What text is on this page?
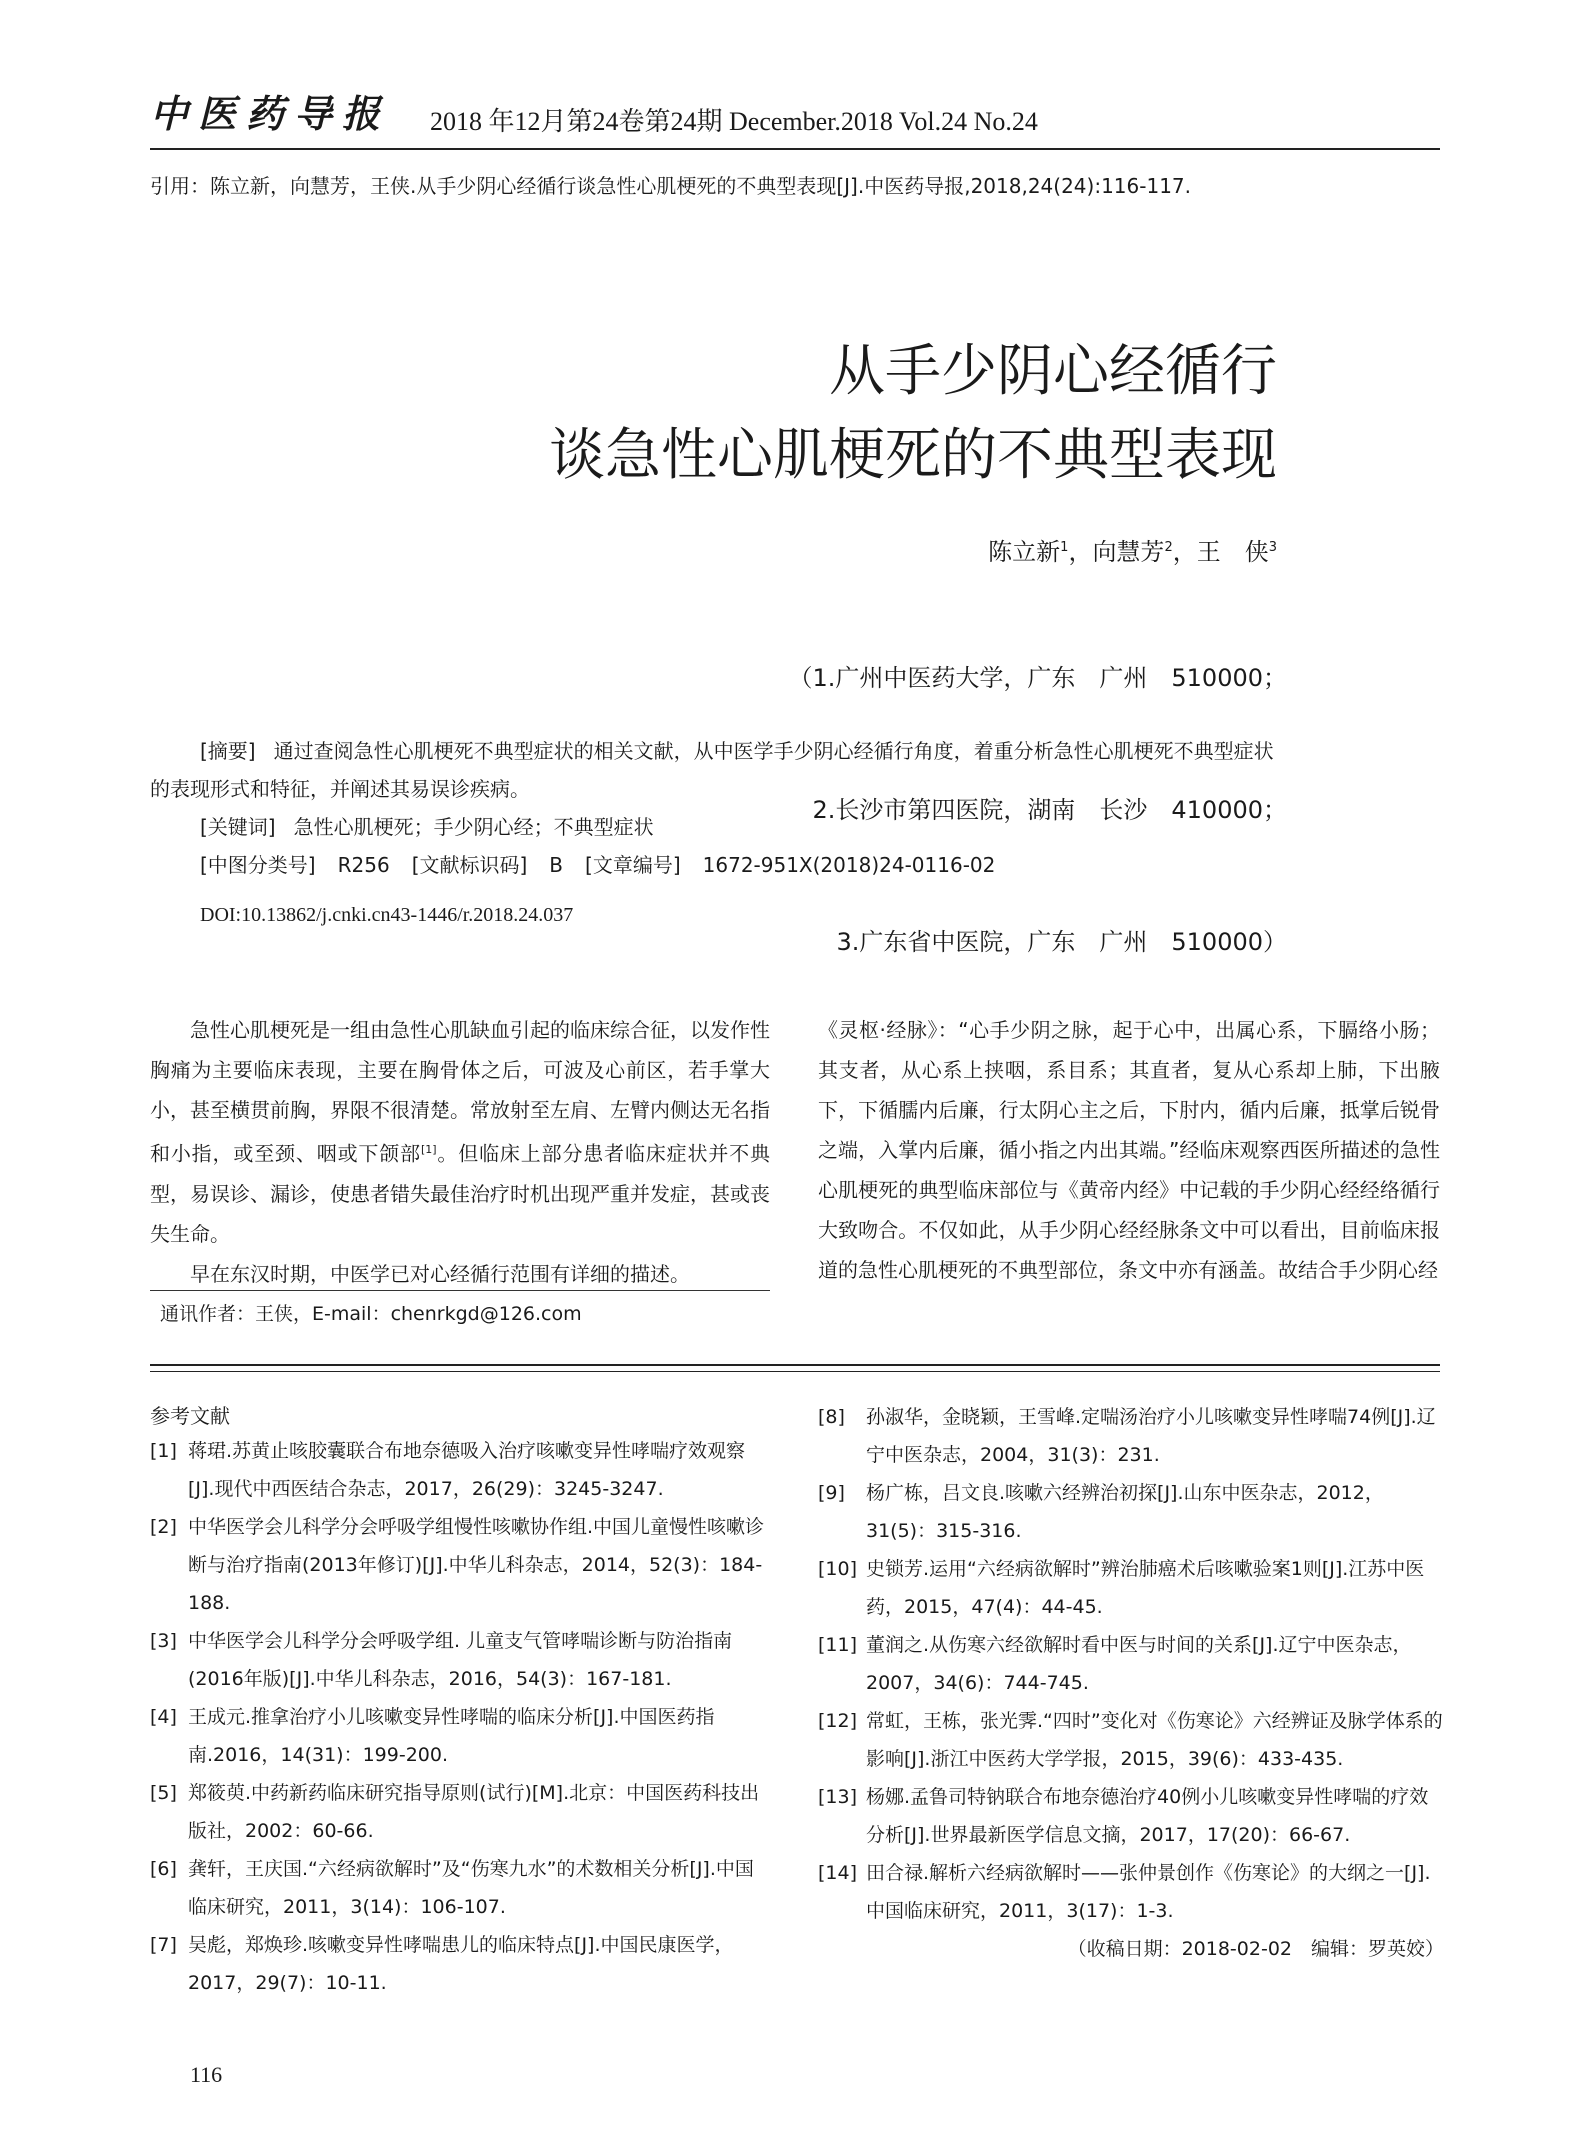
中医药导报 2018 年12月第24卷第24期 December.2018 Vol.24 No.24
引用：陈立新，向慧芳，王侠.从手少阴心经循行谈急性心肌梗死的不典型表现[J].中医药导报,2018,24(24):116-117.
从手少阴心经循行
谈急性心肌梗死的不典型表现
陈立新$^1$，向慧芳$^2$，王　侠$^3$

（1.广州中医药大学，广东　广州　510000；

2.长沙市第四医院，湖南　长沙　410000；

3.广东省中医院，广东　广州　510000）

[摘要] 通过查阅急性心肌梗死不典型症状的相关文献，从中医学手少阴心经循行角度，着重分析急性心肌梗死不典型症状的表现形式和特征，并阐述其易误诊疾病。

[关键词] 急性心肌梗死；手少阴心经；不典型症状

[中图分类号] R256 [文献标识码] B [文章编号] 1672-951X(2018)24-0116-02
DOI:10.13862/j.cnki.cn43-1446/r.2018.24.037

急性心肌梗死是一组由急性心肌缺血引起的临床综合征，以发作性胸痛为主要临床表现，主要在胸骨体之后，可波及心前区，若手掌大小，甚至横贯前胸，界限不很清楚。常放射至左肩、左臂内侧达无名指和小指，或至颈、咽或下颌部[1]。但临床上部分患者临床症状并不典型，易误诊、漏诊，使患者错失最佳治疗时机出现严重并发症，甚或丧失生命。

早在东汉时期，中医学已对心经循行范围有详细的描述。

通讯作者：王侠，E-mail：chenrkgd@126.com
《灵枢·经脉》：“心手少阴之脉，起于心中，出属心系，下膈络小肠；其支者，从心系上挟咽，系目系；其直者，复从心系却上肺，下出腋下，下循臑内后廉，行太阴心主之后，下肘内，循内后廉，抵掌后锐骨之端，入掌内后廉，循小指之内出其端。”经临床观察西医所描述的急性心肌梗死的典型临床部位与《黄帝内经》中记载的手少阴心经经络循行大致吻合。不仅如此，从手少阴心经经脉条文中可以看出，目前临床报道的急性心肌梗死的不典型部位，条文中亦有涵盖。故结合手少阴心经
参考文献
[1] 蒋珺.苏黄止咳胶囊联合布地奈德吸入治疗咳嗽变异性哮喘疗效观察[J].现代中西医结合杂志，2017，26(29)：3245-3247.
[2] 中华医学会儿科学分会呼吸学组慢性咳嗽协作组.中国儿童慢性咳嗽诊断与治疗指南(2013年修订)[J].中华儿科杂志，2014，52(3)：184-188.
[3] 中华医学会儿科学分会呼吸学组. 儿童支气管哮喘诊断与防治指南(2016年版)[J].中华儿科杂志，2016，54(3)：167-181.
[4] 王成元.推拿治疗小儿咳嗽变异性哮喘的临床分析[J].中国医药指南.2016，14(31)：199-200.
[5] 郑筱萸.中药新药临床研究指导原则(试行)[M].北京：中国医药科技出版社，2002：60-66.
[6] 龚轩，王庆国.“六经病欲解时”及“伤寒九水”的术数相关分析[J].中国临床研究，2011，3(14)：106-107.
[7] 吴彪，郑焕珍.咳嗽变异性哮喘患儿的临床特点[J].中国民康医学，2017，29(7)：10-11.
[8]	孙淑华，金晓颖，王雪峰.定喘汤治疗小儿咳嗽变异性哮喘74例[J].辽宁中医杂志，2004，31(3)：231.
[9]	杨广栋，吕文良.咳嗽六经辨治初探[J].山东中医杂志，2012，31(5)：315-316.
[10] 史锁芳.运用“六经病欲解时”辨治肺癌术后咳嗽验案1则[J].江苏中医药，2015，47(4)：44-45.
[11] 董润之.从伤寒六经欲解时看中医与时间的关系[J].辽宁中医杂志，2007，34(6)：744-745.
[12] 常虹，王栋，张光霁.“四时”变化对《伤寒论》六经辨证及脉学体系的影响[J].浙江中医药大学学报，2015，39(6)：433-435.
[13] 杨娜.孟鲁司特钠联合布地奈德治疗40例小儿咳嗽变异性哮喘的疗效分析[J].世界最新医学信息文摘，2017，17(20)：66-67.
[14] 田合禄.解析六经病欲解时——张仲景创作《伤寒论》的大纲之一[J].中国临床研究，2011，3(17)：1-3.
（收稿日期：2018-02-02　编辑：罗英姣）
116
